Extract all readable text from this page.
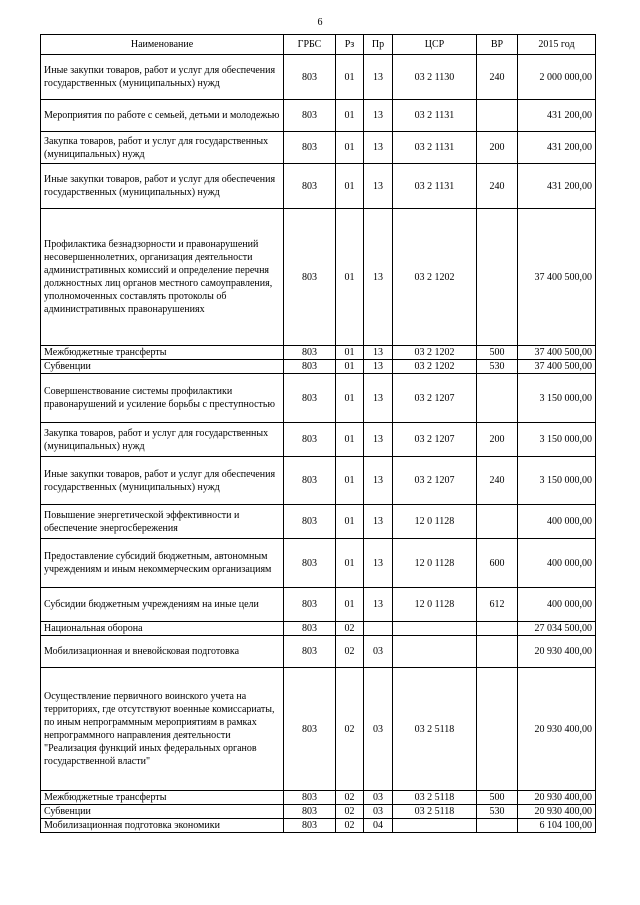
6
Наименование	ГРБС	Рз	Пр	ЦСР	ВР	2015 год
Иные закупки товаров, работ и услуг для обеспечения государственных (муниципальных) нужд	803	01	13	03 2 1130	240	2 000 000,00
Мероприятия по работе с семьей, детьми и молодежью	803	01	13	03 2 1131		431 200,00
Закупка товаров, работ и услуг для государственных (муниципальных) нужд	803	01	13	03 2 1131	200	431 200,00
Иные закупки товаров, работ и услуг для обеспечения государственных (муниципальных) нужд	803	01	13	03 2 1131	240	431 200,00
Профилактика безнадзорности и правонарушений несовершеннолетних, организация деятельности административных комиссий и определение перечня должностных лиц органов местного самоуправления, уполномоченных составлять протоколы об административных правонарушениях	803	01	13	03 2 1202		37 400 500,00
Межбюджетные трансферты	803	01	13	03 2 1202	500	37 400 500,00
Субвенции	803	01	13	03 2 1202	530	37 400 500,00
Совершенствование системы профилактики правонарушений и усиление борьбы с преступностью	803	01	13	03 2 1207		3 150 000,00
Закупка товаров, работ и услуг для государственных (муниципальных) нужд	803	01	13	03 2 1207	200	3 150 000,00
Иные закупки товаров, работ и услуг для обеспечения государственных (муниципальных) нужд	803	01	13	03 2 1207	240	3 150 000,00
Повышение энергетической эффективности и обеспечение энергосбережения	803	01	13	12 0 1128		400 000,00
Предоставление субсидий бюджетным, автономным учреждениям и иным некоммерческим организациям	803	01	13	12 0 1128	600	400 000,00
Субсидии бюджетным учреждениям на иные цели	803	01	13	12 0 1128	612	400 000,00
Национальная оборона	803	02				27 034 500,00
Мобилизационная и вневойсковая подготовка	803	02	03			20 930 400,00
Осуществление первичного воинского учета на территориях, где отсутствуют военные комиссариаты, по иным непрограммным мероприятиям в рамках непрограммного направления деятельности "Реализация функций иных федеральных органов государственной власти"	803	02	03	03 2 5118		20 930 400,00
Межбюджетные трансферты	803	02	03	03 2 5118	500	20 930 400,00
Субвенции	803	02	03	03 2 5118	530	20 930 400,00
Мобилизационная подготовка экономики	803	02	04			6 104 100,00
